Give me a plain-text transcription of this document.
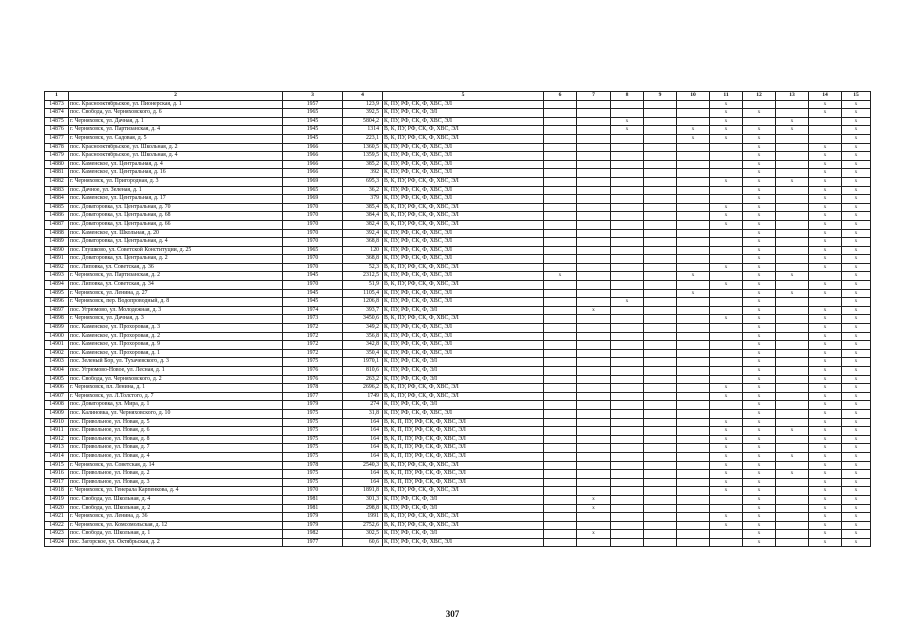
1	2	3	4	5	6	7	8	9	10	11	12	13	14	15
14873	пос. Краснооктябрьское, ул. Пионерская, д. 1	1957	123,9	К, ПУ, РФ, СК, Ф, ХВС, ЭЛ						х			х	х
14874	пос. Свобода, ул. Черняховского, д. 6	1965	392,5	К, ПУ, РФ, СК, Ф, ЭЛ						х	х		х	х
14875	г. Черняховск, ул. Дачная, д. 1	1945	5804,2	К, ПУ, РФ, СК, Ф, ХВС, ЭЛ			х			х		х		х
14876	г. Черняховск, ул. Партизанская, д. 4	1945	1314	В, К, ПУ, РФ, СК, Ф, ХВС, ЭЛ			х		х	х	х	х		х
14877	г. Черняховск, ул. Садовая, д. 5	1945	223,1	В, К, ПУ, РФ, СК, Ф, ХВС, ЭЛ					х	х	х			х
14878	пос. Краснооктябрьское, ул. Школьная, д. 2	1966	1360,5	К, ПУ, РФ, СК, Ф, ХВС, ЭЛ							х		х	х
14879	пос. Краснооктябрьское, ул. Школьная, д. 4	1966	1359,5	К, ПУ, РФ, СК, Ф, ХВС, ЭЛ							х		х	х
14880	пос. Каменское, ул. Центральная, д. 4	1966	385,2	К, ПУ, РФ, СК, Ф, ХВС, ЭЛ							х		х	х
14881	пос. Каменское, ул. Центральная, д. 16	1966	392	К, ПУ, РФ, СК, Ф, ХВС, ЭЛ							х		х	х
14882	г. Черняховск, ул. Пригородная, д. 3	1969	695,3	В, К, ПУ, РФ, СК, Ф, ХВС, ЭЛ						х	х	х	х	х
14883	пос. Дачное, ул. Зеленая, д. 1	1965	36,2	К, ПУ, РФ, СК, Ф, ХВС, ЭЛ							х		х	х
14884	пос. Каменское, ул. Центральная, д. 17	1969	379	К, ПУ, РФ, СК, Ф, ХВС, ЭЛ							х		х	х
14885	пос. Доваторовка, ул. Центральная, д. 70	1970	385,4	В, К, ПУ, РФ, СК, Ф, ХВС, ЭЛ						х	х		х	х
14886	пос. Доваторовка, ул. Центральная, д. 68	1970	384,4	В, К, ПУ, РФ, СК, Ф, ХВС, ЭЛ						х	х		х	х
14887	пос. Доваторовка, ул. Центральная, д. 66	1970	382,4	В, К, ПУ, РФ, СК, Ф, ХВС, ЭЛ						х	х		х	х
14888	пос. Каменское, ул. Школьная, д. 20	1970	392,4	К, ПУ, РФ, СК, Ф, ХВС, ЭЛ							х		х	х
14889	пос. Доваторовка, ул. Центральная, д. 4	1970	368,8	К, ПУ, РФ, СК, Ф, ХВС, ЭЛ							х		х	х
14890	пос. Глушково, ул. Советской Конституции, д. 25	1965	120	К, ПУ, РФ, СК, Ф, ХВС, ЭЛ							х		х	х
14891	пос. Доваторовка, ул. Центральная, д. 2	1970	368,8	К, ПУ, РФ, СК, Ф, ХВС, ЭЛ							х		х	х
14892	пос. Липовка, ул. Советская, д. 36	1970	52,3	В, К, ПУ, РФ, СК, Ф, ХВС, ЭЛ						х	х		х	х
14893	г. Черняховск, ул. Партизанская, д. 2	1945	2312,5	К, ПУ, РФ, СК, Ф, ХВС, ЭЛ	х				х		х	х		х
14894	пос. Липовка, ул. Советская, д. 34	1970	51,9	В, К, ПУ, РФ, СК, Ф, ХВС, ЭЛ						х	х		х	х
14895	г. Черняховск, ул. Ленина, д. 27	1945	1105,4	К, ПУ, РФ, СК, Ф, ХВС, ЭЛ					х		х	х	х	х
14896	г. Черняховск, пер. Водопроводный, д. 8	1945	1206,8	К, ПУ, РФ, СК, Ф, ХВС, ЭЛ			х				х			х
14897	пос. Угрюмово, ул. Молодежная, д. 3	1974	393,7	К, ПУ, РФ, СК, Ф, ЭЛ		х					х		х	х
14898	г. Черняховск, ул. Дачная, д. 3	1973	3450,6	В, К, ПУ, РФ, СК, Ф, ХВС, ЭЛ						х	х		х	х
14899	пос. Каменское, ул. Прохоровая, д. 3	1972	349,2	К, ПУ, РФ, СК, Ф, ХВС, ЭЛ							х		х	х
14900	пос. Каменское, ул. Прохоровая, д. 2	1972	356,8	К, ПУ, РФ, СК, Ф, ХВС, ЭЛ							х		х	х
14901	пос. Каменское, ул. Прохоровая, д. 9	1972	342,8	К, ПУ, РФ, СК, Ф, ХВС, ЭЛ							х		х	х
14902	пос. Каменское, ул. Прохоровая, д. 1	1972	350,4	К, ПУ, РФ, СК, Ф, ХВС, ЭЛ							х		х	х
14903	пос. Зеленый Бор, ул. Тухачевского, д. 3	1975	1970,1	К, ПУ, РФ, СК, Ф, ЭЛ							х		х	х
14904	пос. Угрюмово-Новое, ул. Лесная, д. 1	1976	810,6	К, ПУ, РФ, СК, Ф, ЭЛ							х		х	х
14905	пос. Свобода, ул. Черняховского, д. 2	1976	263,2	К, ПУ, РФ, СК, Ф, ЭЛ							х		х	х
14906	г. Черняховск, пл. Ленина, д. 1	1978	2696,2	В, К, ПУ, РФ, СК, Ф, ХВС, ЭЛ						х	х		х	х
14907	г. Черняховск, ул. Л.Толстого, д. 7	1977	1749	В, К, ПУ, РФ, СК, Ф, ХВС, ЭЛ						х	х		х	х
14908	пос. Доваторовка, ул. Мира, д. 1	1979	274	К, ПУ, РФ, СК, Ф, ЭЛ							х		х	х
14909	пос. Калиновка, ул. Черняховского, д. 10	1975	31,8	К, ПУ, РФ, СК, Ф, ХВС, ЭЛ							х		х	х
14910	пос. Привольное, ул. Новая, д. 5	1975	164	В, К, П, ПУ, РФ, СК, Ф, ХВС, ЭЛ						х	х		х	х
14911	пос. Привольное, ул. Новая, д. 6	1975	164	В, К, П, ПУ, РФ, СК, Ф, ХВС, ЭЛ						х	х	х	х	х
14912	пос. Привольное, ул. Новая, д. 8	1975	164	В, К, П, ПУ, РФ, СК, Ф, ХВС, ЭЛ						х	х		х	х
14913	пос. Привольное, ул. Новая, д. 7	1975	164	В, К, П, ПУ, РФ, СК, Ф, ХВС, ЭЛ						х	х		х	х
14914	пос. Привольное, ул. Новая, д. 4	1975	164	В, К, П, ПУ, РФ, СК, Ф, ХВС, ЭЛ						х	х	х	х	х
14915	г. Черняховск, ул. Советская, д. 14	1978	2540,3	В, К, ПУ, РФ, СК, Ф, ХВС, ЭЛ						х	х		х	х
14916	пос. Привольное, ул. Новая, д. 2	1975	164	В, К, П, ПУ, РФ, СК, Ф, ХВС, ЭЛ						х	х	х	х	х
14917	пос. Привольное, ул. Новая, д. 3	1975	164	В, К, П, ПУ, РФ, СК, Ф, ХВС, ЭЛ						х	х		х	х
14918	г. Черняховск, ул. Генерала Карпенкова, д. 4	1970	1891,8	В, К, ПУ, РФ, СК, Ф, ХВС, ЭЛ						х	х		х	х
14919	пос. Свобода, ул. Школьная, д. 4	1981	301,3	К, ПУ, РФ, СК, Ф, ЭЛ		х					х		х	х
14920	пос. Свобода, ул. Школьная, д. 2	1981	298,8	К, ПУ, РФ, СК, Ф, ЭЛ		х					х		х	х
14921	г. Черняховск, ул. Ленина, д. 36	1979	1991	В, К, ПУ, РФ, СК, Ф, ХВС, ЭЛ						х	х		х	х
14922	г. Черняховск, ул. Комсомольская, д. 12	1979	2752,6	В, К, ПУ, РФ, СК, Ф, ХВС, ЭЛ						х	х		х	х
14923	пос. Свобода, ул. Школьная, д. 1	1982	302,5	К, ПУ, РФ, СК, Ф, ЭЛ		х					х		х	х
14924	пос. Загорское, ул. Октябрьская, д. 2	1977	60,6	К, ПУ, РФ, СК, Ф, ХВС, ЭЛ							х		х	х
307
